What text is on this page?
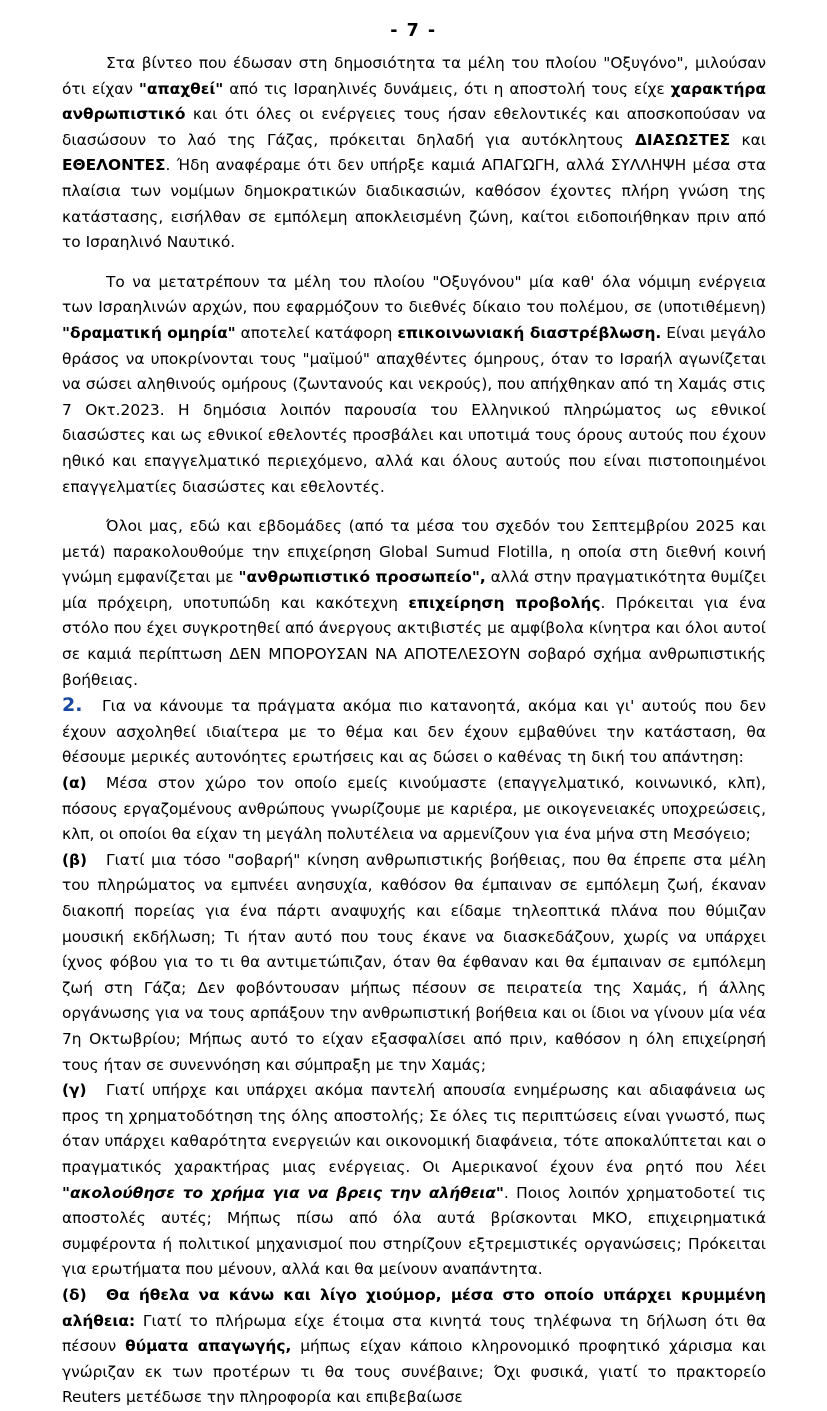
- 7 -

Στα βίντεο που έδωσαν στη δημοσιότητα τα μέλη του πλοίου "Οξυγόνο", μιλούσαν ότι είχαν "απαχθεί" από τις Ισραηλινές δυνάμεις, ότι η αποστολή τους είχε χαρακτήρα ανθρωπιστικό και ότι όλες οι ενέργειες τους ήσαν εθελοντικές και αποσκοπούσαν να διασώσουν το λαό της Γάζας, πρόκειται δηλαδή για αυτόκλητους ΔΙΑΣΩΣΤΕΣ και ΕΘΕΛΟΝΤΕΣ. Ήδη αναφέραμε ότι δεν υπήρξε καμιά ΑΠΑΓΩΓΗ, αλλά ΣΥΛΛΗΨΗ μέσα στα πλαίσια των νομίμων δημοκρατικών διαδικασιών, καθόσον έχοντες πλήρη γνώση της κατάστασης, εισήλθαν σε εμπόλεμη αποκλεισμένη ζώνη, καίτοι ειδοποιήθηκαν πριν από το Ισραηλινό Ναυτικό.

Το να μετατρέπουν τα μέλη του πλοίου "Οξυγόνου" μία καθ' όλα νόμιμη ενέργεια των Ισραηλινών αρχών, που εφαρμόζουν το διεθνές δίκαιο του πολέμου, σε (υποτιθέμενη) "δραματική ομηρία" αποτελεί κατάφορη επικοινωνιακή διαστρέβλωση. Είναι μεγάλο θράσος να υποκρίνονται τους "μαϊμού" απαχθέντες όμηρους, όταν το Ισραήλ αγωνίζεται να σώσει αληθινούς ομήρους (ζωντανούς και νεκρούς), που απήχθηκαν από τη Χαμάς στις 7 Οκτ.2023. Η δημόσια λοιπόν παρουσία του Ελληνικού πληρώματος ως εθνικοί διασώστες και ως εθνικοί εθελοντές προσβάλει και υποτιμά τους όρους αυτούς που έχουν ηθικό και επαγγελματικό περιεχόμενο, αλλά και όλους αυτούς που είναι πιστοποιημένοι επαγγελματίες διασώστες και εθελοντές.

Όλοι μας, εδώ και εβδομάδες (από τα μέσα του σχεδόν του Σεπτεμβρίου 2025 και μετά) παρακολουθούμε την επιχείρηση Global Sumud Flotilla, η οποία στη διεθνή κοινή γνώμη εμφανίζεται με "ανθρωπιστικό προσωπείο", αλλά στην πραγματικότητα θυμίζει μία πρόχειρη, υποτυπώδη και κακότεχνη επιχείρηση προβολής. Πρόκειται για ένα στόλο που έχει συγκροτηθεί από άνεργους ακτιβιστές με αμφίβολα κίνητρα και όλοι αυτοί σε καμιά περίπτωση ΔΕΝ ΜΠΟΡΟΥΣΑΝ ΝΑ ΑΠΟΤΕΛΕΣΟΥΝ σοβαρό σχήμα ανθρωπιστικής βοήθειας.

2. Για να κάνουμε τα πράγματα ακόμα πιο κατανοητά, ακόμα και γι' αυτούς που δεν έχουν ασχοληθεί ιδιαίτερα με το θέμα και δεν έχουν εμβαθύνει την κατάσταση, θα θέσουμε μερικές αυτονόητες ερωτήσεις και ας δώσει ο καθένας τη δική του απάντηση:

(α) Μέσα στον χώρο τον οποίο εμείς κινούμαστε (επαγγελματικό, κοινωνικό, κλπ), πόσους εργαζομένους ανθρώπους γνωρίζουμε με καριέρα, με οικογενειακές υποχρεώσεις, κλπ, οι οποίοι θα είχαν τη μεγάλη πολυτέλεια να αρμενίζουν για ένα μήνα στη Μεσόγειο;

(β) Γιατί μια τόσο "σοβαρή" κίνηση ανθρωπιστικής βοήθειας, που θα έπρεπε στα μέλη του πληρώματος να εμπνέει ανησυχία, καθόσον θα έμπαιναν σε εμπόλεμη ζωή, έκαναν διακοπή πορείας για ένα πάρτι αναψυχής και είδαμε τηλεοπτικά πλάνα που θύμιζαν μουσική εκδήλωση; Τι ήταν αυτό που τους έκανε να διασκεδάζουν, χωρίς να υπάρχει ίχνος φόβου για το τι θα αντιμετώπιζαν, όταν θα έφθαναν και θα έμπαιναν σε εμπόλεμη ζωή στη Γάζα; Δεν φοβόντουσαν μήπως πέσουν σε πειρατεία της Χαμάς, ή άλλης οργάνωσης για να τους αρπάξουν την ανθρωπιστική βοήθεια και οι ίδιοι να γίνουν μία νέα 7η Οκτωβρίου; Μήπως αυτό το είχαν εξασφαλίσει από πριν, καθόσον η όλη επιχείρησή τους ήταν σε συνεννόηση και σύμπραξη με την Χαμάς;

(γ) Γιατί υπήρχε και υπάρχει ακόμα παντελή απουσία ενημέρωσης και αδιαφάνεια ως προς τη χρηματοδότηση της όλης αποστολής; Σε όλες τις περιπτώσεις είναι γνωστό, πως όταν υπάρχει καθαρότητα ενεργειών και οικονομική διαφάνεια, τότε αποκαλύπτεται και ο πραγματικός χαρακτήρας μιας ενέργειας. Οι Αμερικανοί έχουν ένα ρητό που λέει "ακολούθησε το χρήμα για να βρεις την αλήθεια". Ποιος λοιπόν χρηματοδοτεί τις αποστολές αυτές; Μήπως πίσω από όλα αυτά βρίσκονται ΜΚΟ, επιχειρηματικά συμφέροντα ή πολιτικοί μηχανισμοί που στηρίζουν εξτρεμιστικές οργανώσεις; Πρόκειται για ερωτήματα που μένουν, αλλά και θα μείνουν αναπάντητα.

(δ) Θα ήθελα να κάνω και λίγο χιούμορ, μέσα στο οποίο υπάρχει κρυμμένη αλήθεια: Γιατί το πλήρωμα είχε έτοιμα στα κινητά τους τηλέφωνα τη δήλωση ότι θα πέσουν θύματα απαγωγής, μήπως είχαν κάποιο κληρονομικό προφητικό χάρισμα και γνώριζαν εκ των προτέρων τι θα τους συνέβαινε; Όχι φυσικά, γιατί το πρακτορείο Reuters μετέδωσε την πληροφορία και επιβεβαίωσε
